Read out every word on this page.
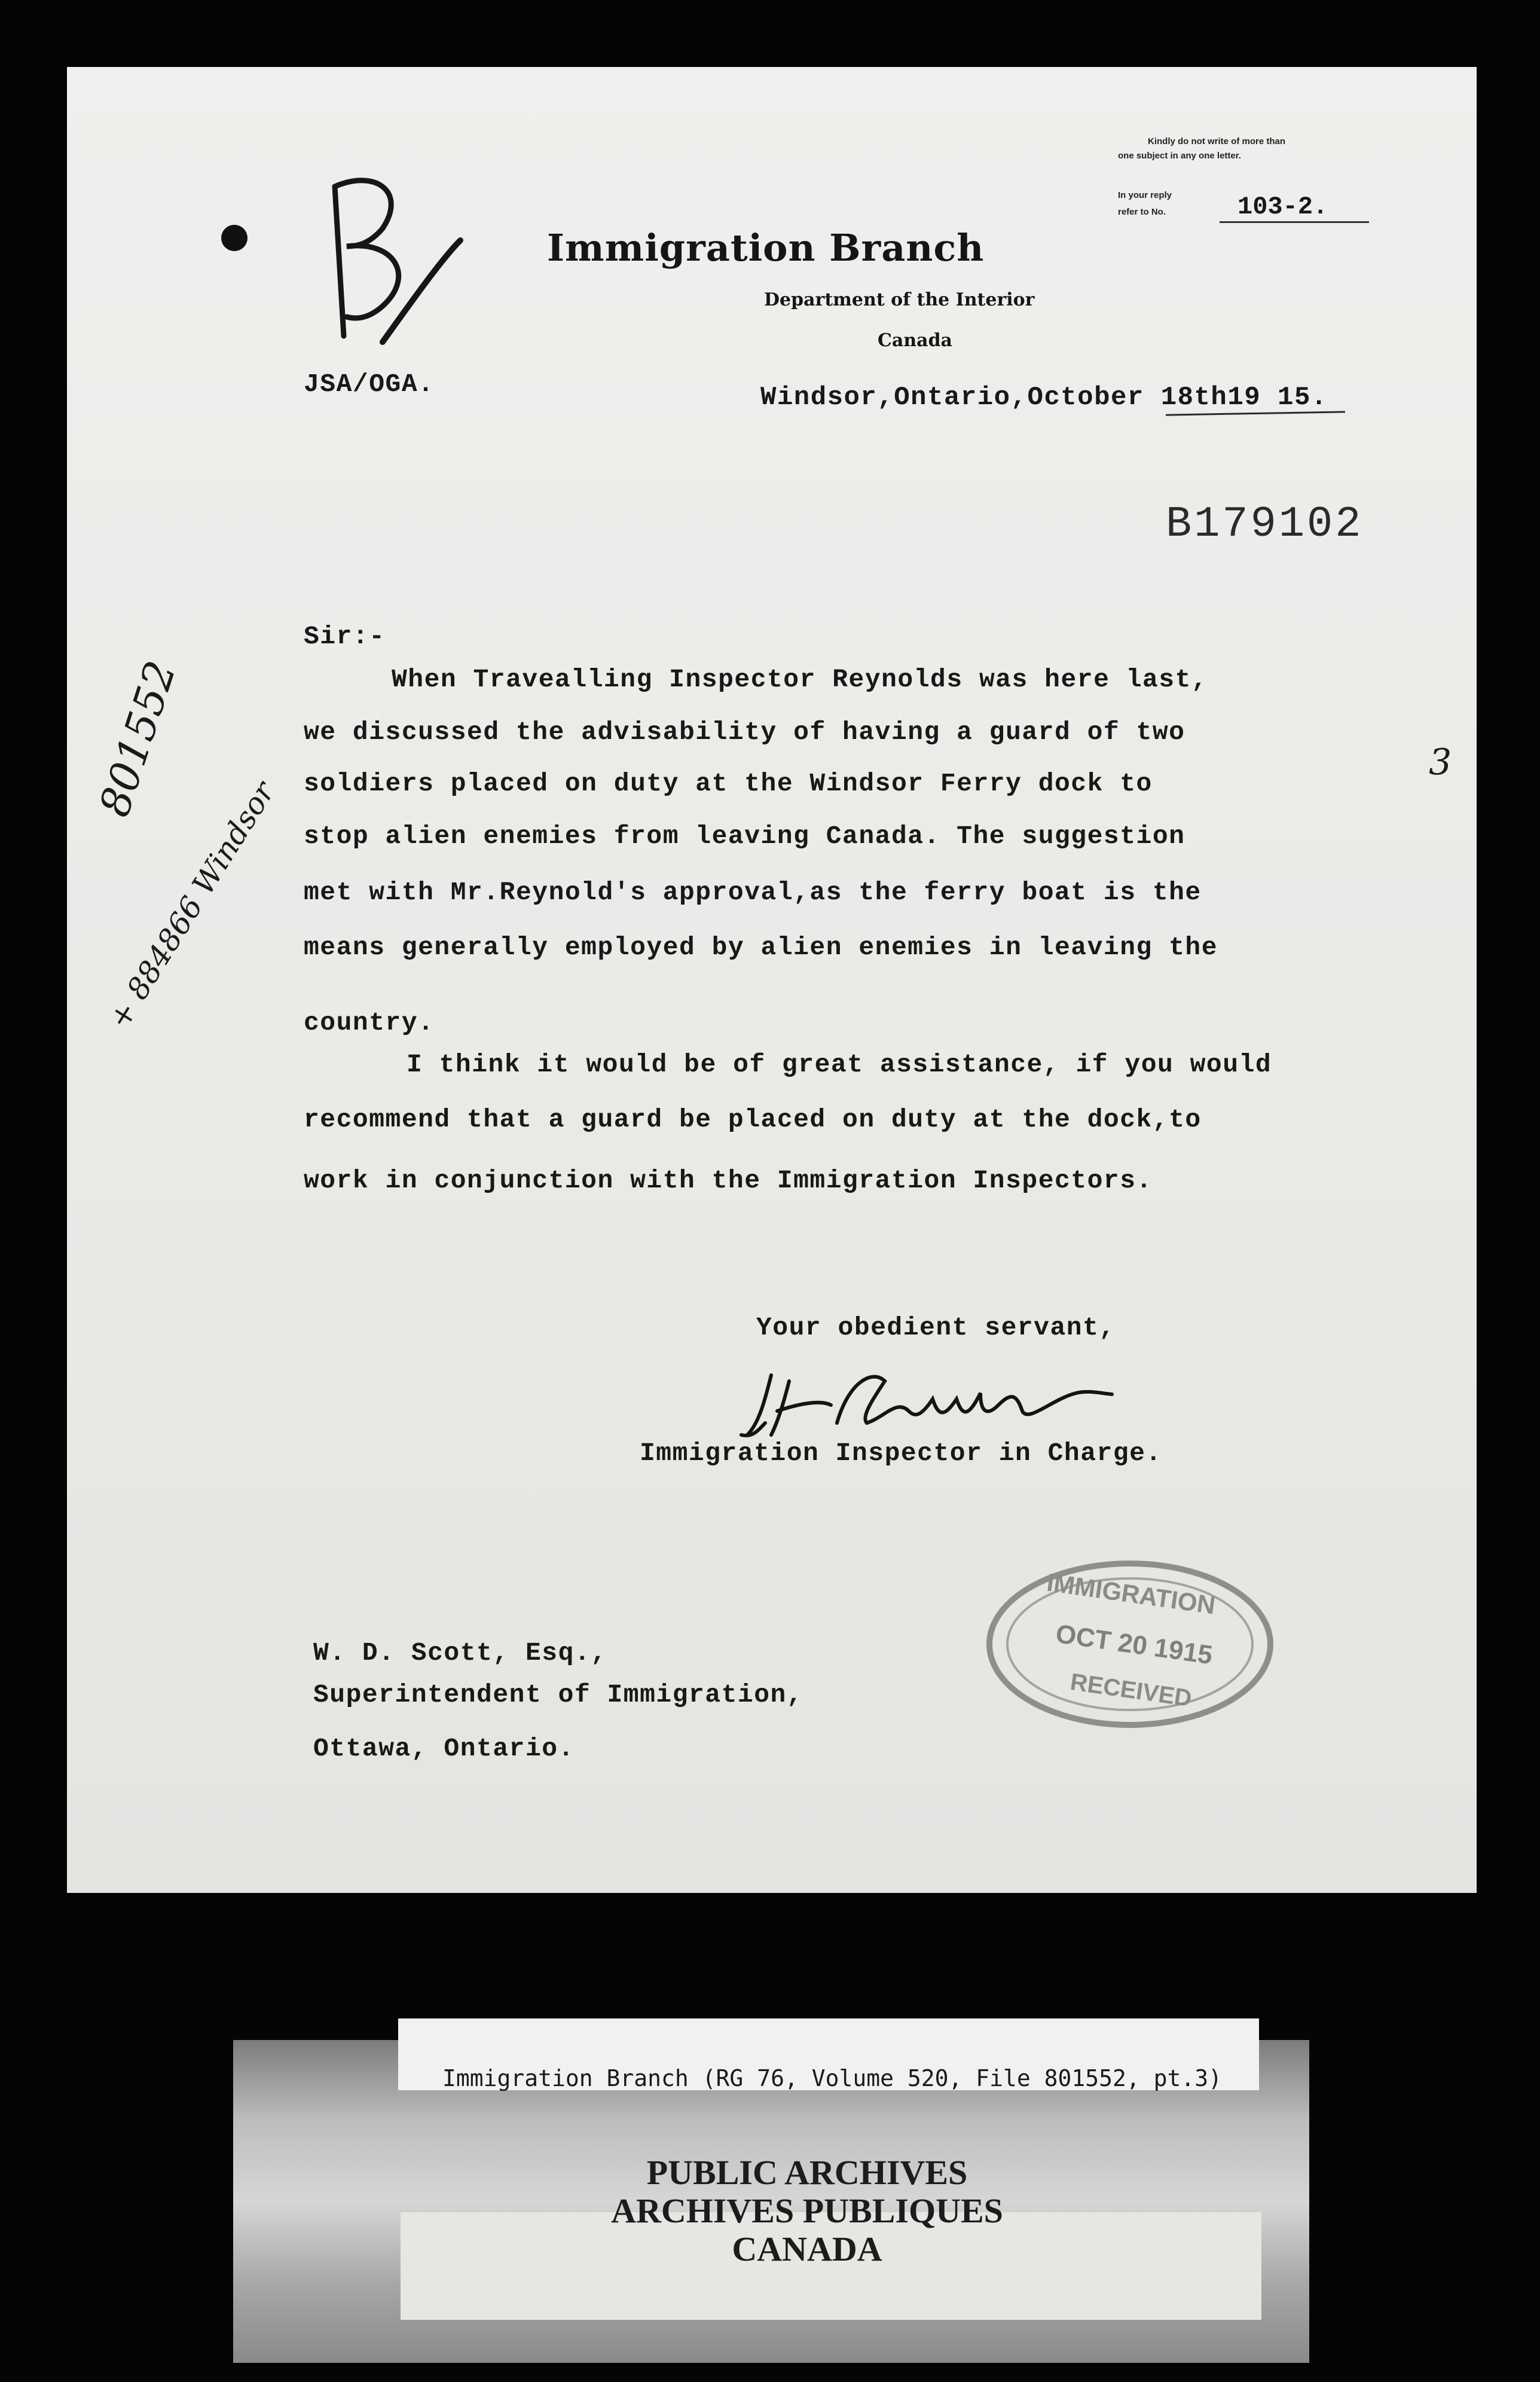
Immigration Branch
Department of the Interior
Canada
Kindly do not write of more than
one subject in any one letter.
In your reply
refer to No.	103-2.

JSA/OGA.	Windsor,Ontario,October 18th19 15.
B179102
Sir:-
When Travealling Inspector Reynolds was here last,
we discussed the advisability of having a guard of two
soldiers placed on duty at the Windsor Ferry dock to
stop alien enemies from leaving Canada. The suggestion
met with Mr.Reynold's approval,as the ferry boat is the
means generally employed by alien enemies in leaving the
country.
I think it would be of great assistance, if you would
recommend that a guard be placed on duty at the dock,to
work in conjunction with the Immigration Inspectors.
801552
+ 884866 Windsor
3
Your obedient servant,
Immigration Inspector in Charge.
IMMIGRATION
OCT 20 1915
RECEIVED
W. D. Scott, Esq.,
Superintendent of Immigration,
Ottawa, Ontario.
Immigration Branch (RG 76, Volume 520, File 801552, pt.3)
PUBLIC ARCHIVES
ARCHIVES PUBLIQUES
CANADA
